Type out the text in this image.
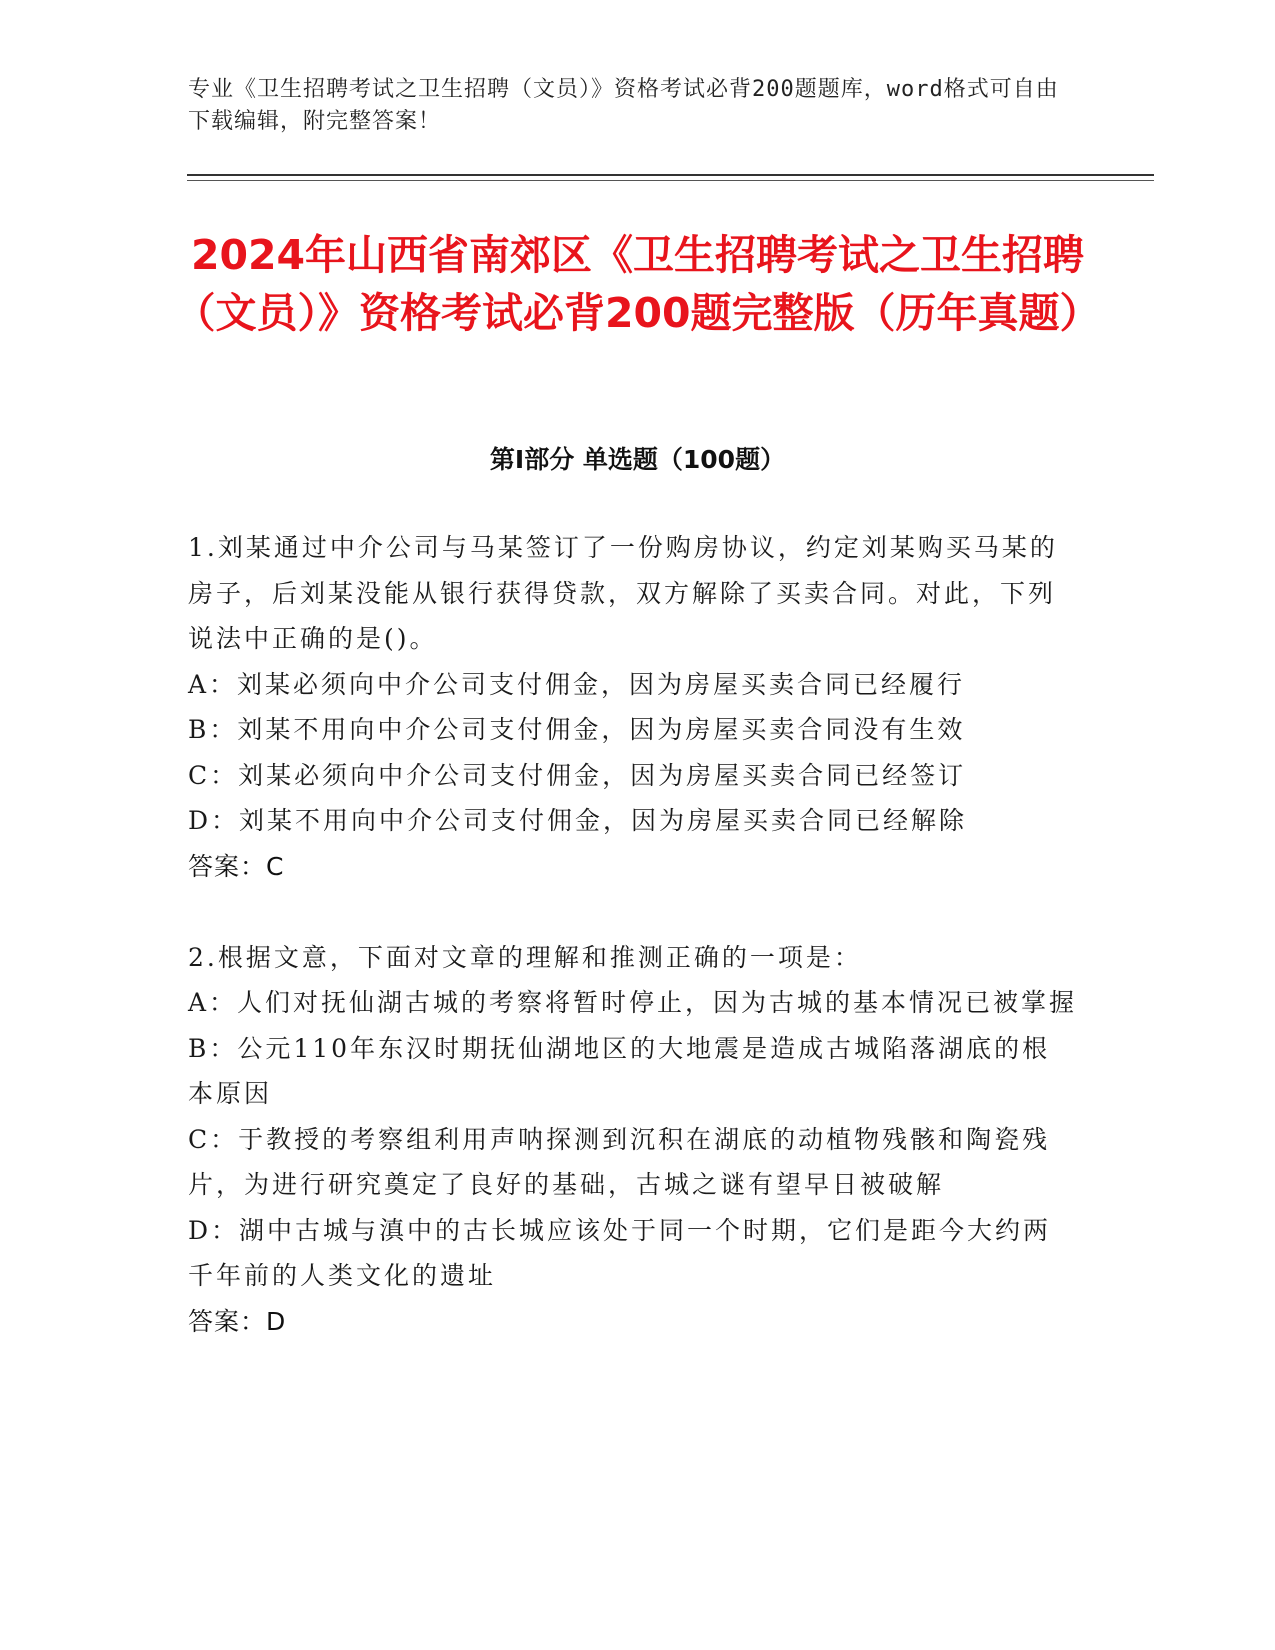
专业《卫生招聘考试之卫生招聘（文员）》资格考试必背200题题库，word格式可自由下载编辑，附完整答案！
2024年山西省南郊区《卫生招聘考试之卫生招聘（文员）》资格考试必背200题完整版（历年真题）
第Ⅰ部分 单选题（100题）
1.刘某通过中介公司与马某签订了一份购房协议，约定刘某购买马某的房子，后刘某没能从银行获得贷款，双方解除了买卖合同。对此，下列说法中正确的是()。
A：刘某必须向中介公司支付佣金，因为房屋买卖合同已经履行
B：刘某不用向中介公司支付佣金，因为房屋买卖合同没有生效
C：刘某必须向中介公司支付佣金，因为房屋买卖合同已经签订
D：刘某不用向中介公司支付佣金，因为房屋买卖合同已经解除
答案：C
2.根据文意，下面对文章的理解和推测正确的一项是：
A：人们对抚仙湖古城的考察将暂时停止，因为古城的基本情况已被掌握
B：公元110年东汉时期抚仙湖地区的大地震是造成古城陷落湖底的根本原因
C：于教授的考察组利用声呐探测到沉积在湖底的动植物残骸和陶瓷残片，为进行研究奠定了良好的基础，古城之谜有望早日被破解
D：湖中古城与滇中的古长城应该处于同一个时期，它们是距今大约两千年前的人类文化的遗址
答案：D
